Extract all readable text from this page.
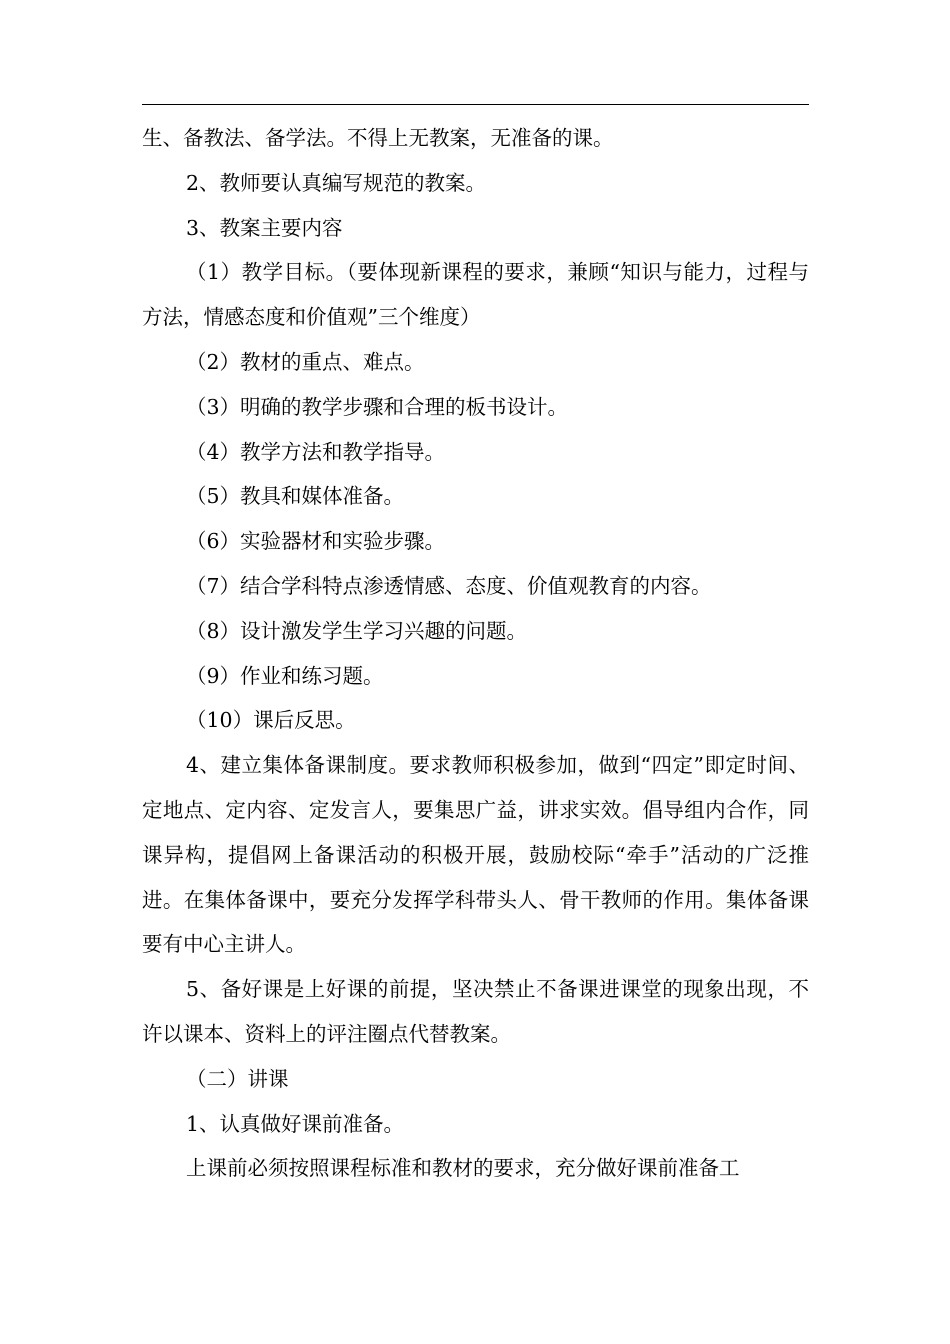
生、备教法、备学法。不得上无教案，无准备的课。

2、教师要认真编写规范的教案。

3、教案主要内容

（1）教学目标。（要体现新课程的要求，兼顾“知识与能力，过程与方法，情感态度和价值观”三个维度）

（2）教材的重点、难点。

（3）明确的教学步骤和合理的板书设计。

（4）教学方法和教学指导。

（5）教具和媒体准备。

（6）实验器材和实验步骤。

（7）结合学科特点渗透情感、态度、价值观教育的内容。

（8）设计激发学生学习兴趣的问题。

（9）作业和练习题。

（10）课后反思。

4、建立集体备课制度。要求教师积极参加，做到“四定”即定时间、定地点、定内容、定发言人，要集思广益，讲求实效。倡导组内合作，同课异构，提倡网上备课活动的积极开展，鼓励校际“牵手”活动的广泛推进。在集体备课中，要充分发挥学科带头人、骨干教师的作用。集体备课要有中心主讲人。

5、备好课是上好课的前提，坚决禁止不备课进课堂的现象出现，不许以课本、资料上的评注圈点代替教案。

（二）讲课

1、认真做好课前准备。

上课前必须按照课程标准和教材的要求，充分做好课前准备工
